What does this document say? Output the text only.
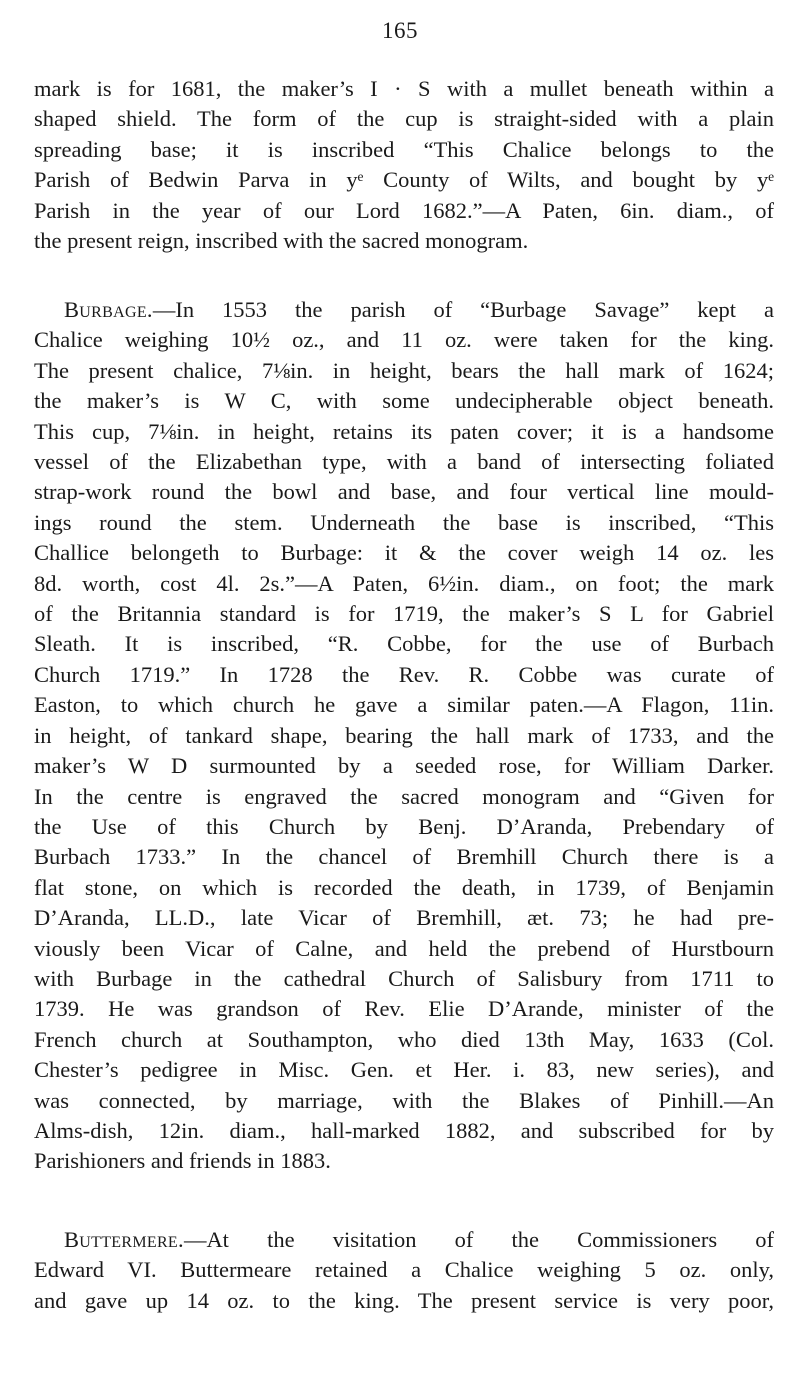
165
mark is for 1681, the maker’s I · S with a mullet beneath within a
shaped shield. The form of the cup is straight-sided with a plain
spreading base; it is inscribed “This Chalice belongs to the
Parish of Bedwin Parva in yᵉ County of Wilts, and bought by yᵉ
Parish in the year of our Lord 1682.”—A Paten, 6in. diam., of
the present reign, inscribed with the sacred monogram.
Burbage.—In 1553 the parish of “Burbage Savage” kept a
Chalice weighing 10½ oz., and 11 oz. were taken for the king.
The present chalice, 7⅛in. in height, bears the hall mark of 1624;
the maker’s is W C, with some undecipherable object beneath.
This cup, 7⅛in. in height, retains its paten cover; it is a handsome
vessel of the Elizabethan type, with a band of intersecting foliated
strap-work round the bowl and base, and four vertical line mould-
ings round the stem. Underneath the base is inscribed, “This
Challice belongeth to Burbage: it & the cover weigh 14 oz. les
8d. worth, cost 4l. 2s.”—A Paten, 6½in. diam., on foot; the mark
of the Britannia standard is for 1719, the maker’s S L for Gabriel
Sleath. It is inscribed, “R. Cobbe, for the use of Burbach
Church 1719.” In 1728 the Rev. R. Cobbe was curate of
Easton, to which church he gave a similar paten.—A Flagon, 11in.
in height, of tankard shape, bearing the hall mark of 1733, and the
maker’s W D surmounted by a seeded rose, for William Darker.
In the centre is engraved the sacred monogram and “Given for
the Use of this Church by Benj. D’Aranda, Prebendary of
Burbach 1733.” In the chancel of Bremhill Church there is a
flat stone, on which is recorded the death, in 1739, of Benjamin
D’Aranda, LL.D., late Vicar of Bremhill, æt. 73; he had pre-
viously been Vicar of Calne, and held the prebend of Hurstbourn
with Burbage in the cathedral Church of Salisbury from 1711 to
1739. He was grandson of Rev. Elie D’Arande, minister of the
French church at Southampton, who died 13th May, 1633 (Col.
Chester’s pedigree in Misc. Gen. et Her. i. 83, new series), and
was connected, by marriage, with the Blakes of Pinhill.—An
Alms-dish, 12in. diam., hall-marked 1882, and subscribed for by
Parishioners and friends in 1883.
Buttermere.—At the visitation of the Commissioners of
Edward VI. Buttermeare retained a Chalice weighing 5 oz. only,
and gave up 14 oz. to the king. The present service is very poor,
